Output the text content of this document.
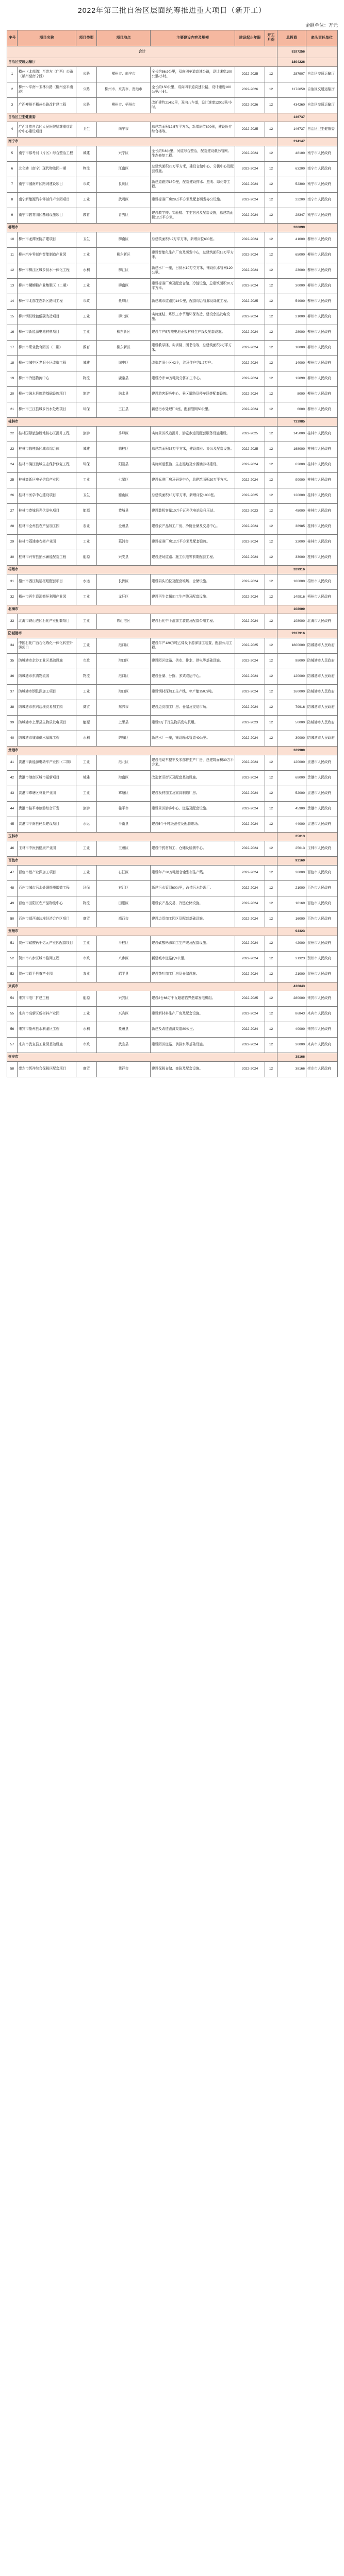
2022年第三批自治区层面统筹推进重大项目（新开工）
金额单位：万元
序号	项目名称	项目类型	项目地点	主要建设内容及规模	建设起止年限	开工月份	总投资	牵头责任单位
合计							8197256	
自治区交通运输厅							1894226	
1	横州（北部湾）至崇左（广西）公路（横州至南宁段）	公路	横州市、南宁市	全长约56.9公里，双向四车道高速公路，设计速度100公里/小时。	2022-2025	12	287907	自治区交通运输厅
2	柳州～平南～玉林公路（柳州至平南段）	公路	柳州市、来宾市、贵港市	全长约150公里，双向四车道高速公路，设计速度100公里/小时。	2022-2026	12	1172059	自治区交通运输厅
3	广西柳州至梧州公路改扩建工程	公路	柳州市、梧州市	改扩建约214公里，双向八车道，设计速度120公里/小时。	2022-2026	12	434260	自治区交通运输厅
自治区卫生健康委							146737	
4	广西壮族自治区人民医院疑难重症诊疗中心建设项目	卫生	南宁市	总建筑面积12.5万平方米，新增床位800张，建设医疗综合楼等。	2022-2025	12	146737	自治区卫生健康委
南宁市							214147	
5	南宁市那考河（片区）综合整治工程	城建	兴宁区	全长约5.6公里，河道综合整治，配套建设截污管网、生态修复工程。	2022-2024	12	48100	南宁市人民政府
6	北仑港（南宁）现代物流园一期	物流	江南区	总建筑面积26万平方米，建设仓储中心、分拨中心及配套设施。	2022-2024	12	63200	南宁市人民政府
7	南宁市城南片区路网建设项目	市政	良庆区	新建道路约18公里，配套建设排水、照明、绿化等工程。	2022-2024	12	52300	南宁市人民政府
8	南宁新能源汽车零部件产业园项目	工业	武鸣区	建设标准厂房28万平方米及配套研发办公设施。	2022-2024	12	22200	南宁市人民政府
9	南宁市教育园区基础设施项目	教育	青秀区	建设教学楼、实验楼、学生宿舍及配套设施，总建筑面积12万平方米。	2022-2024	12	28347	南宁市人民政府
柳州市							320099	
10	柳州市龙潭医院扩建项目	卫生	柳南区	总建筑面积6.2万平方米，新增床位600张。	2022-2024	12	41000	柳州市人民政府
11	柳州汽车零部件智能制造产业园	工业	柳东新区	建设智能化生产厂房及研发中心，总建筑面积15万平方米。	2022-2024	12	65000	柳州市人民政府
12	柳州市柳江区城乡供水一体化工程	水利	柳江区	新建水厂一座，日供水10万立方米，铺设供水管网120公里。	2022-2024	12	23000	柳州市人民政府
13	柳州市螺蛳粉产业集聚区（二期）	工业	柳南区	建设标准厂房及配套仓储、冷链设施，总建筑面积10万平方米。	2022-2024	12	30000	柳州市人民政府
14	柳州市北部生态新区路网工程	市政	鱼峰区	新建城市道路约14公里，配套综合管廊及绿化工程。	2022-2025	12	54000	柳州市人民政府
15	柳州钢铁绿色低碳改造项目	工业	柳北区	实施烧结、炼铁工序节能环保改造，建设余热发电设施。	2022-2024	12	21000	柳州市人民政府
16	柳州市新能源电池材料项目	工业	柳东新区	建设年产5万吨电池正极材料生产线及配套设施。	2022-2024	12	28000	柳州市人民政府
17	柳州市职业教育园区（二期）	教育	柳东新区	建设教学楼、实训楼、图书馆等，总建筑面积9万平方米。	2022-2024	12	18000	柳州市人民政府
18	柳州市城中区老旧小区改造工程	城建	城中区	改造老旧小区42个，涉及住户约1.2万户。	2022-2024	12	14000	柳州市人民政府
19	柳州市冷链物流中心	物流	鹿寨县	建设冷库10万吨及分拣加工中心。	2022-2024	12	12099	柳州市人民政府
20	柳州市融水县旅游基础设施项目	旅游	融水县	建设游客服务中心、景区道路及停车场等配套设施。	2022-2024	12	8000	柳州市人民政府
21	柳州市三江县城乡污水处理项目	环保	三江县	新建污水处理厂2座，配套管网50公里。	2022-2024	12	6000	柳州市人民政府
桂林市							733985	
22	桂林国际旅游胜地核心区提升工程	旅游	秀峰区	实施景区改造提升、游览步道及配套服务设施建设。	2022-2025	12	145000	桂林市人民政府
23	桂林市临桂新区城市综合体	城建	临桂区	总建筑面积35万平方米，建设商业、办公及配套设施。	2022-2025	12	168000	桂林市人民政府
24	桂林市漓江流域生态保护修复工程	环保	阳朔县	实施河道整治、生态湿地及水源涵养林建设。	2022-2024	12	62000	桂林市人民政府
25	桂林高新区电子信息产业园	工业	七星区	建设标准厂房及研发中心，总建筑面积20万平方米。	2022-2024	12	90000	桂林市人民政府
26	桂林市医学中心建设项目	卫生	雁山区	总建筑面积15万平方米，新增床位1000张。	2022-2025	12	120000	桂林市人民政府
27	桂林市恭城县光伏发电项目	能源	恭城县	建设装机容量10万千瓦光伏电站及升压站。	2022-2023	12	45000	桂林市人民政府
28	桂林市全州县农产品加工园	农业	全州县	建设农产品加工厂房、冷链仓储及交易中心。	2022-2024	12	38985	桂林市人民政府
29	桂林市荔浦市衣架产业园	工业	荔浦市	建设标准厂房12万平方米及配套设施。	2022-2024	12	32000	桂林市人民政府
30	桂林市兴安县抽水蓄能配套工程	能源	兴安县	建设进场道路、施工供电等前期配套工程。	2022-2024	12	33000	桂林市人民政府
梧州市							329916	
31	梧州市西江航运枢纽配套项目	水运	长洲区	建设码头泊位及配套堆场、仓储设施。	2022-2024	12	180000	梧州市人民政府
32	梧州市再生资源循环利用产业园	工业	龙圩区	建设再生金属加工生产线及配套设施。	2022-2024	12	149916	梧州市人民政府
北海市							108000	
33	北海市铁山港区石化产业配套项目	工业	铁山港区	建设石化中下游加工装置及配套公用工程。	2022-2024	12	108000	北海市人民政府
防城港市							2337916	
34	中国石化广西石化炼化一体化转型升级项目	工业	港口区	建设年产120万吨乙烯及下游深加工装置，配套公用工程。	2022-2025	12	1800000	防城港市人民政府
35	防城港市企沙工业区基础设施	市政	港口区	建设园区道路、供水、排水、供电等基础设施。	2022-2024	12	98000	防城港市人民政府
36	防城港市东湾物流园	物流	港口区	建设仓储、分拨、多式联运中心。	2022-2024	12	120000	防城港市人民政府
37	防城港市钢铁深加工项目	工业	港口区	建设钢材深加工生产线，年产能150万吨。	2022-2024	12	160000	防城港市人民政府
38	防城港市东兴边境贸易加工园	商贸	东兴市	建设边贸加工厂房、仓储及交易市场。	2022-2024	12	79916	防城港市人民政府
39	防城港市上思县生物质发电项目	能源	上思县	建设3万千瓦生物质发电机组。	2022-2023	12	50000	防城港市人民政府
40	防城港市城市供水保障工程	水利	防城区	新建水厂一座，铺设输水管道40公里。	2022-2024	12	30000	防城港市人民政府
贵港市							329900	
41	贵港市新能源电动车产业园（二期）	工业	港北区	建设电动车整车及零部件生产厂房，总建筑面积30万平方米。	2022-2024	12	120000	贵港市人民政府
42	贵港市港南区城市更新项目	城建	港南区	改造老旧街区及配套基础设施。	2022-2024	12	68000	贵港市人民政府
43	贵港市覃塘区林业产业园	工业	覃塘区	建设板材加工及家具制造厂房。	2022-2024	12	52000	贵港市人民政府
44	贵港市桂平市旅游综合开发	旅游	桂平市	建设景区游客中心、道路及配套设施。	2022-2024	12	45900	贵港市人民政府
45	贵港市平南县码头建设项目	水运	平南县	建设5个千吨级泊位及配套堆场。	2022-2024	12	44000	贵港市人民政府
玉林市							25013	
46	玉林市中医药健康产业园	工业	玉州区	建设中药材加工、仓储及检测中心。	2022-2024	12	25013	玉林市人民政府
百色市							93169	
47	百色市铝产业深加工项目	工业	右江区	建设年产20万吨铝合金型材生产线。	2022-2024	12	38000	百色市人民政府
48	百色市城市污水处理提质增效工程	环保	右江区	新建污水管网60公里，改造污水处理厂。	2022-2024	12	21000	百色市人民政府
49	百色市田阳区农产品物流中心	物流	田阳区	建设农产品交易、冷链仓储设施。	2022-2024	12	18169	百色市人民政府
50	百色市靖西市边境经济合作区项目	商贸	靖西市	建设边贸加工园区及配套基础设施。	2022-2024	12	16000	百色市人民政府
贺州市							94323	
51	贺州市碳酸钙千亿元产业园配套项目	工业	平桂区	建设碳酸钙深加工生产线及配套设施。	2022-2024	12	42000	贺州市人民政府
52	贺州市八步区城市路网工程	市政	八步区	新建城市道路约9公里。	2022-2024	12	31323	贺州市人民政府
53	贺州市昭平县茶产业园	农业	昭平县	建设茶叶加工厂房及仓储设施。	2022-2024	12	21000	贺州市人民政府
来宾市							436843	
54	来宾市电厂扩建工程	能源	兴宾区	建设2台66万千瓦超超临界燃煤发电机组。	2022-2025	12	280000	来宾市人民政府
55	来宾市高新区新材料产业园	工业	兴宾区	建设新材料生产厂房及配套设施。	2022-2024	12	86843	来宾市人民政府
56	来宾市象州县水利灌区工程	水利	象州县	新建及改造灌溉渠道80公里。	2022-2024	12	40000	来宾市人民政府
57	来宾市武宣县工业园基础设施	市政	武宣县	建设园区道路、供排水等基础设施。	2022-2024	12	30000	来宾市人民政府
崇左市							38166	
58	崇左市凭祥综合保税区配套项目	商贸	凭祥市	建设保税仓储、查验及配套设施。	2022-2024	12	38166	崇左市人民政府
